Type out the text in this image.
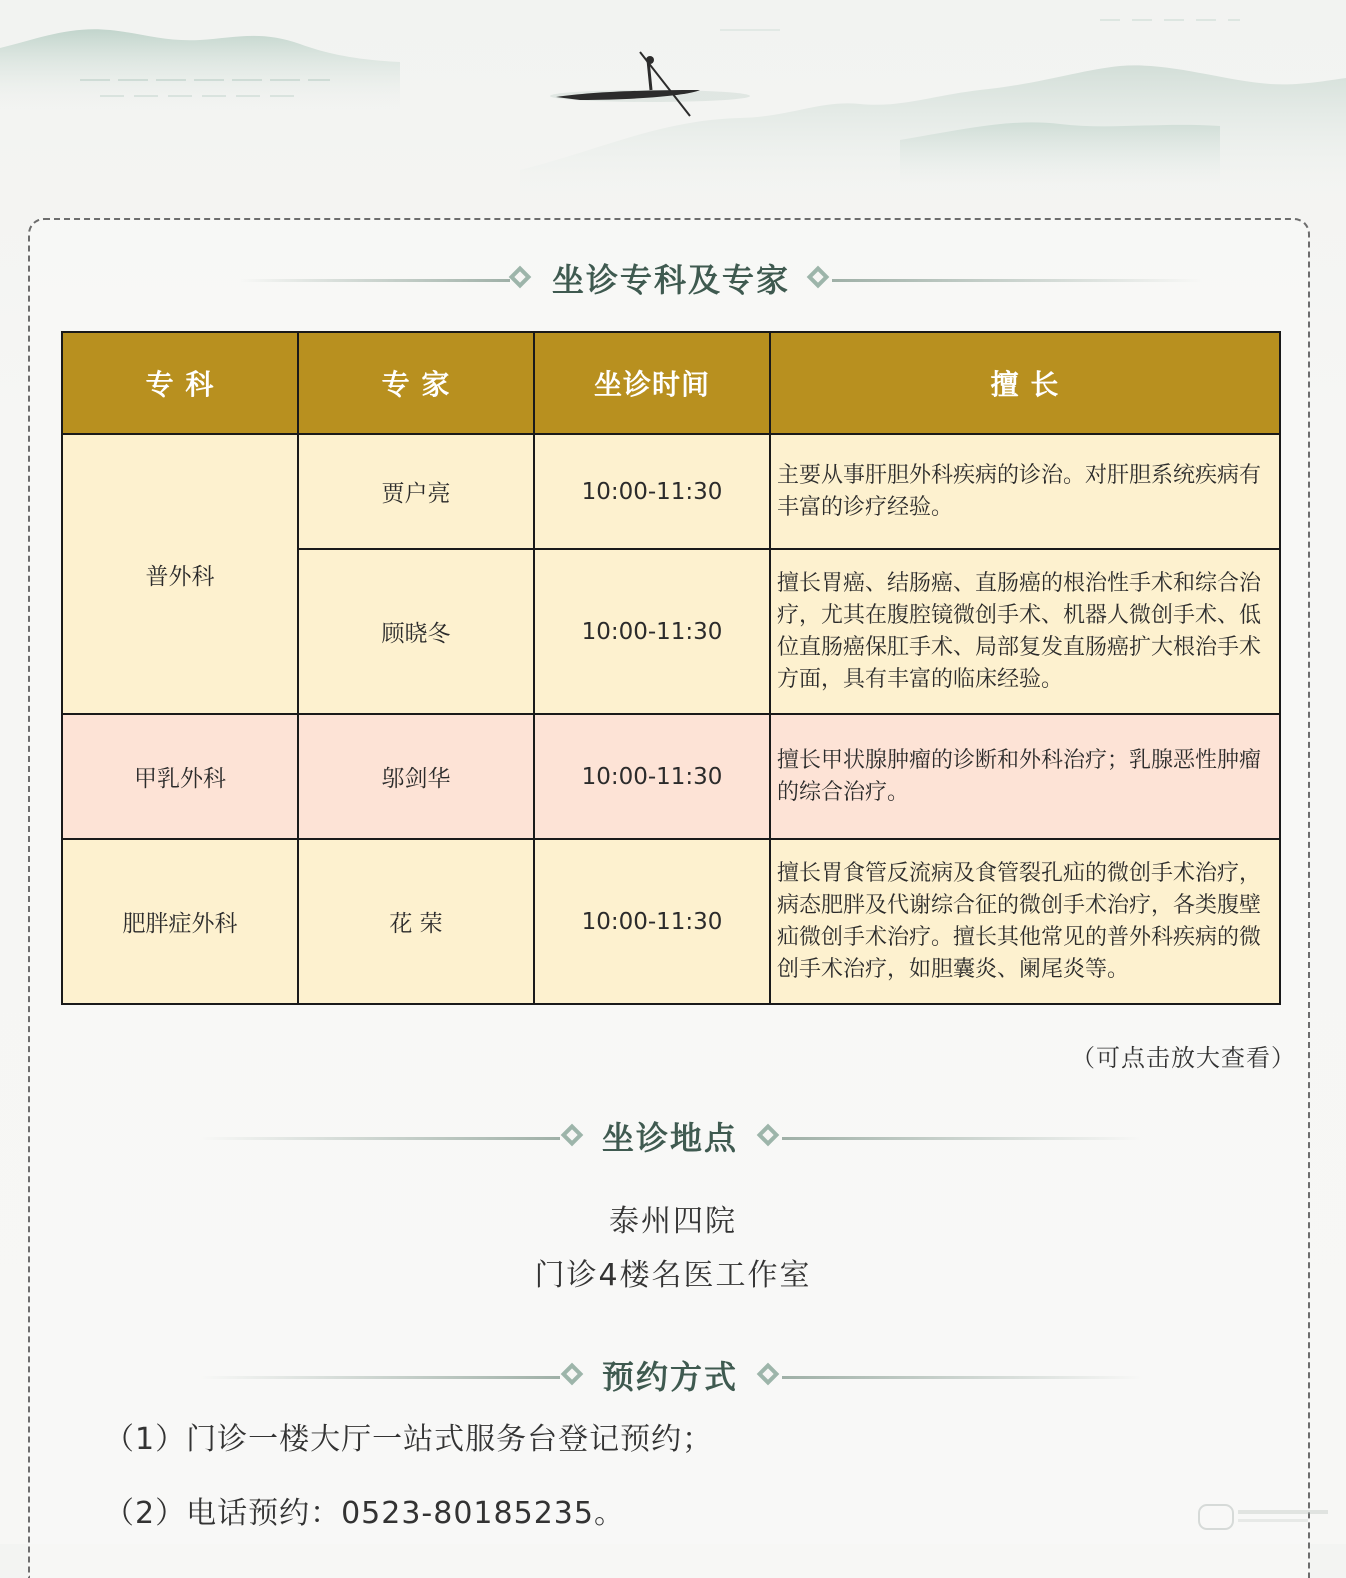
坐诊专科及专家
专 科	专 家	坐诊时间	擅 长
普外科	贾户亮	10:00-11:30	主要从事肝胆外科疾病的诊治。对肝胆系统疾病有丰富的诊疗经验。
	顾晓冬	10:00-11:30	擅长胃癌、结肠癌、直肠癌的根治性手术和综合治疗，尤其在腹腔镜微创手术、机器人微创手术、低位直肠癌保肛手术、局部复发直肠癌扩大根治手术方面，具有丰富的临床经验。
甲乳外科	邬剑华	10:00-11:30	擅长甲状腺肿瘤的诊断和外科治疗；乳腺恶性肿瘤的综合治疗。
肥胖症外科	花 荣	10:00-11:30	擅长胃食管反流病及食管裂孔疝的微创手术治疗，病态肥胖及代谢综合征的微创手术治疗，各类腹壁疝微创手术治疗。擅长其他常见的普外科疾病的微创手术治疗，如胆囊炎、阑尾炎等。
（可点击放大查看）
坐诊地点
泰州四院
门诊4楼名医工作室
预约方式
（1）门诊一楼大厅一站式服务台登记预约；
（2）电话预约：0523-80185235。
